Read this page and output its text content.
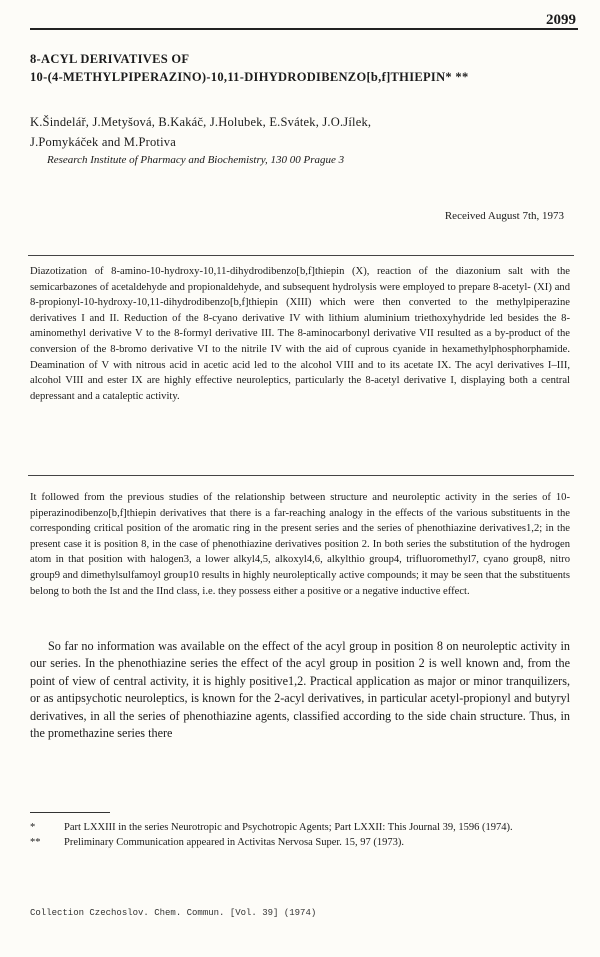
2099
8-ACYL DERIVATIVES OF
10-(4-METHYLPIPERAZINO)-10,11-DIHYDRODIBENZO[b,f]THIEPIN* **
K.Šindelář, J.Metyšová, B.Kakáč, J.Holubek, E.Svátek, J.O.Jílek,
J.Pomykáček and M.Protiva
Research Institute of Pharmacy and Biochemistry, 130 00 Prague 3
Received August 7th, 1973
Diazotization of 8-amino-10-hydroxy-10,11-dihydrodibenzo[b,f]thiepin (X), reaction of the diazonium salt with the semicarbazones of acetaldehyde and propionaldehyde, and subsequent hydrolysis were employed to prepare 8-acetyl- (XI) and 8-propionyl-10-hydroxy-10,11-dihydrodibenzo[b,f]thiepin (XIII) which were then converted to the methylpiperazine derivatives I and II. Reduction of the 8-cyano derivative IV with lithium aluminium triethoxyhydride led besides the 8-aminomethyl derivative V to the 8-formyl derivative III. The 8-aminocarbonyl derivative VII resulted as a by-product of the conversion of the 8-bromo derivative VI to the nitrile IV with the aid of cuprous cyanide in hexamethylphosphorphamide. Deamination of V with nitrous acid in acetic acid led to the alcohol VIII and to its acetate IX. The acyl derivatives I–III, alcohol VIII and ester IX are highly effective neuroleptics, particularly the 8-acetyl derivative I, displaying both a central depressant and a cataleptic activity.
It followed from the previous studies of the relationship between structure and neuroleptic activity in the series of 10-piperazinodibenzo[b,f]thiepin derivatives that there is a far-reaching analogy in the effects of the various substituents in the corresponding critical position of the aromatic ring in the present series and the series of phenothiazine derivatives1,2; in the present case it is position 8, in the case of phenothiazine derivatives position 2. In both series the substitution of the hydrogen atom in that position with halogen3, a lower alkyl4,5, alkoxyl4,6, alkylthio group4, trifluoromethyl7, cyano group8, nitro group9 and dimethylsulfamoyl group10 results in highly neuroleptically active compounds; it may be seen that the substituents belong to both the Ist and the IInd class, i.e. they possess either a positive or a negative inductive effect.
So far no information was available on the effect of the acyl group in position 8 on neuroleptic activity in our series. In the phenothiazine series the effect of the acyl group in position 2 is well known and, from the point of view of central activity, it is highly positive1,2. Practical application as major or minor tranquilizers, or as antipsychotic neuroleptics, is known for the 2-acyl derivatives, in particular acetyl-propionyl and butyryl derivatives, in all the series of phenothiazine agents, classified according to the side chain structure. Thus, in the promethazine series there
*	Part LXXIII in the series Neurotropic and Psychotropic Agents; Part LXXII: This Journal 39, 1596 (1974).
** Preliminary Communication appeared in Activitas Nervosa Super. 15, 97 (1973).
Collection Czechoslov. Chem. Commun. [Vol. 39] (1974)
